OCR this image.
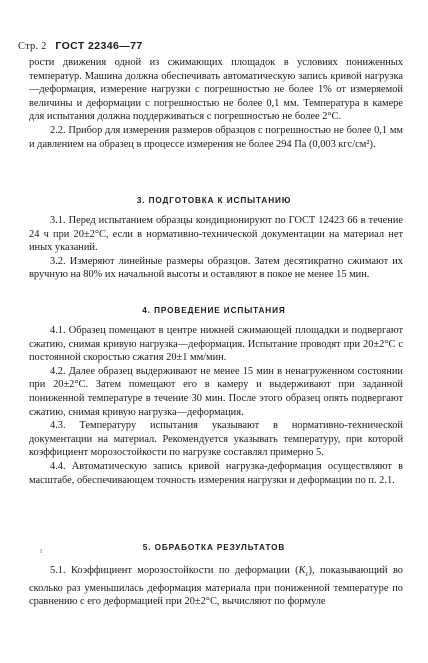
Стр. 2 ГОСТ 22346—77

рости движения одной из сжимающих площадок в условиях пониженных температур. Машина должна обеспечивать автоматическую запись кривой нагрузка—деформация, измерение нагрузки с погрешностью не более 1% от измеряемой величины и деформации с погрешностью не более 0,1 мм. Температура в камере для испытания должна поддерживаться с погрешностью не более 2°С.

2.2. Прибор для измерения размеров образцов с погрешностью не более 0,1 мм и давлением на образец в процессе измерения не более 294 Па (0,003 кгс/см²).

3. ПОДГОТОВКА К ИСПЫТАНИЮ

3.1. Перед испытанием образцы кондиционируют по ГОСТ 12423 66 в течение 24 ч при 20±2°С, если в нормативно-технической документации на материал нет иных указаний.

3.2. Измеряют линейные размеры образцов. Затем десятикратно сжимают их вручную на 80% их начальной высоты и оставляют в покое не менее 15 мин.

4. ПРОВЕДЕНИЕ ИСПЫТАНИЯ

4.1. Образец помещают в центре нижней сжимающей площадки и подвергают сжатию, снимая кривую нагрузка—деформация. Испытание проводят при 20±2°С с постоянной скоростью сжатия 20±1 мм/мин.

4.2. Далее образец выдерживают не менее 15 мин в ненагруженном состоянии при 20±2°С. Затем помещают его в камеру и выдерживают при заданной пониженной температуре в течение 30 мин. После этого образец опять подвергают сжатию, снимая кривую нагрузка—деформация.

4.3. Температуру испытания указывают в нормативно-технической документации на материал. Рекомендуется указывать температуру, при которой коэффициент морозостойкости по нагрузке составлял примерно 5.

4.4. Автоматическую запись кривой нагрузка-деформация осуществляют в масштабе, обеспечивающем точность измерения нагрузки и деформации по п. 2.1.

ı	5. ОБРАБОТКА РЕЗУЛЬТАТОВ

5.1. Коэффициент морозостойкости по деформации $(K_\varepsilon)$, показывающий во сколько раз уменьшилась деформация материала при пониженной температуре по сравнению с его деформацией при 20±2°С, вычисляют по формуле
